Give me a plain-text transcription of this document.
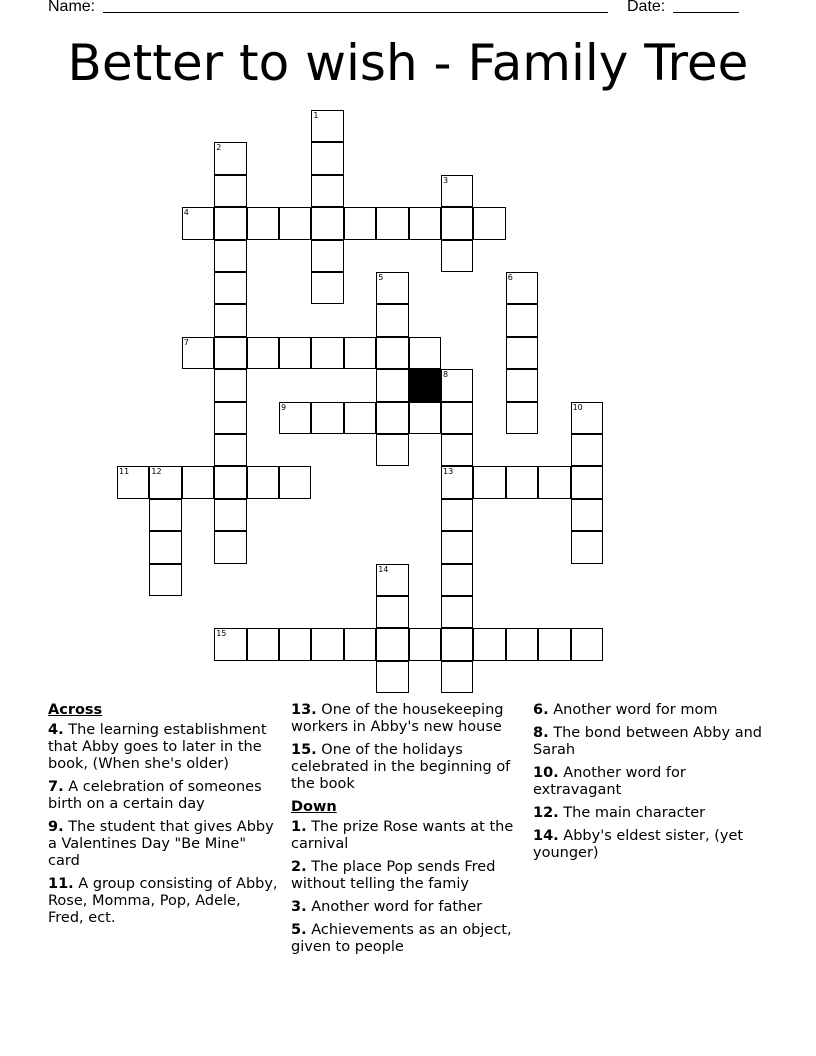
Name:	Date:
Better to wish - Family Tree
1
2
3
4
5	6
7
8
9	10
11	12	13
14
15
Across
4. The learning establishment that Abby goes to later in the book, (When she's older)
7. A celebration of someones birth on a certain day
9. The student that gives Abby a Valentines Day "Be Mine" card
11. A group consisting of Abby, Rose, Momma, Pop, Adele, Fred, ect.
13. One of the housekeeping workers in Abby's new house
15. One of the holidays celebrated in the beginning of the book
Down
1. The prize Rose wants at the carnival
2. The place Pop sends Fred without telling the famiy
3. Another word for father
5. Achievements as an object, given to people
6. Another word for mom
8. The bond between Abby and Sarah
10. Another word for extravagant
12. The main character
14. Abby's eldest sister, (yet younger)
